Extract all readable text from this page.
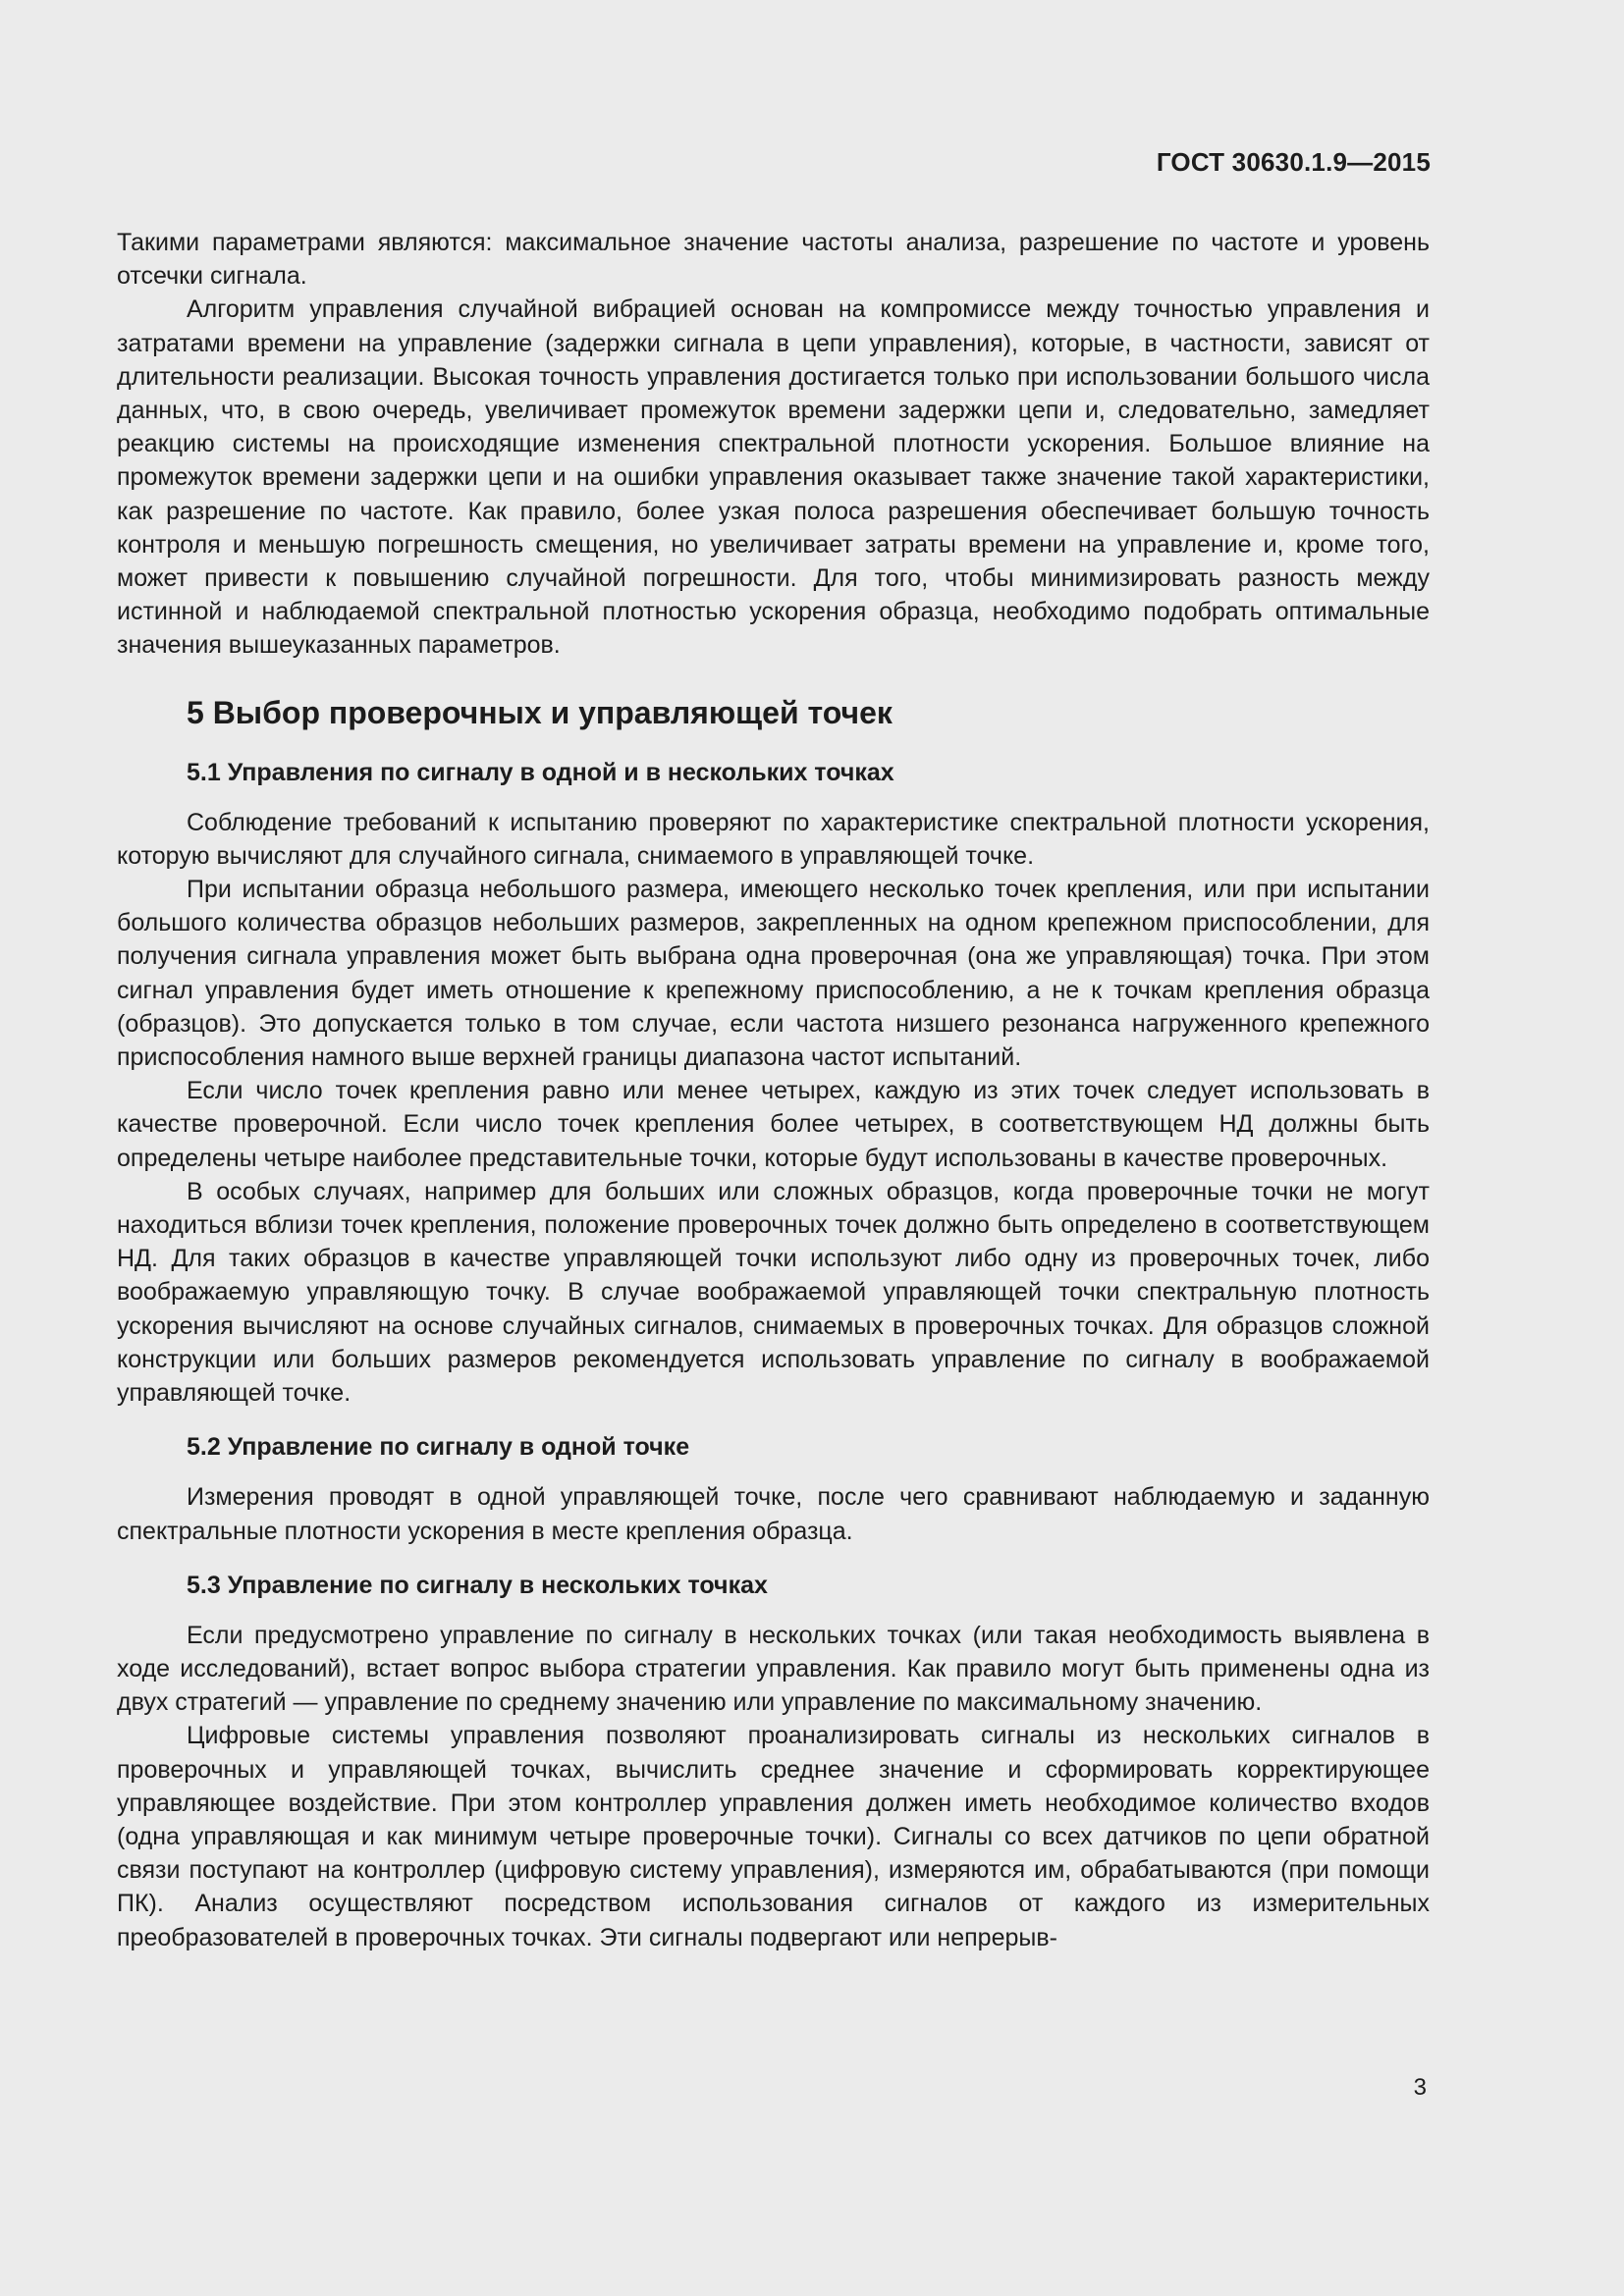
ГОСТ 30630.1.9—2015

Такими параметрами являются: максимальное значение частоты анализа, разрешение по частоте и уровень отсечки сигнала.

Алгоритм управления случайной вибрацией основан на компромиссе между точностью управления и затратами времени на управление (задержки сигнала в цепи управления), которые, в частности, зависят от длительности реализации. Высокая точность управления достигается только при использовании большого числа данных, что, в свою очередь, увеличивает промежуток времени задержки цепи и, следовательно, замедляет реакцию системы на происходящие изменения спектральной плотности ускорения. Большое влияние на промежуток времени задержки цепи и на ошибки управления оказывает также значение такой характеристики, как разрешение по частоте. Как правило, более узкая полоса разрешения обеспечивает большую точность контроля и меньшую погрешность смещения, но увеличивает затраты времени на управление и, кроме того, может привести к повышению случайной погрешности. Для того, чтобы минимизировать разность между истинной и наблюдаемой спектральной плотностью ускорения образца, необходимо подобрать оптимальные значения вышеуказанных параметров.

5 Выбор проверочных и управляющей точек
5.1 Управления по сигналу в одной и в нескольких точках

Соблюдение требований к испытанию проверяют по характеристике спектральной плотности ускорения, которую вычисляют для случайного сигнала, снимаемого в управляющей точке.

При испытании образца небольшого размера, имеющего несколько точек крепления, или при испытании большого количества образцов небольших размеров, закрепленных на одном крепежном приспособлении, для получения сигнала управления может быть выбрана одна проверочная (она же управляющая) точка. При этом сигнал управления будет иметь отношение к крепежному приспособлению, а не к точкам крепления образца (образцов). Это допускается только в том случае, если частота низшего резонанса нагруженного крепежного приспособления намного выше верхней границы диапазона частот испытаний.

Если число точек крепления равно или менее четырех, каждую из этих точек следует использовать в качестве проверочной. Если число точек крепления более четырех, в соответствующем НД должны быть определены четыре наиболее представительные точки, которые будут использованы в качестве проверочных.

В особых случаях, например для больших или сложных образцов, когда проверочные точки не могут находиться вблизи точек крепления, положение проверочных точек должно быть определено в соответствующем НД. Для таких образцов в качестве управляющей точки используют либо одну из проверочных точек, либо воображаемую управляющую точку. В случае воображаемой управляющей точки спектральную плотность ускорения вычисляют на основе случайных сигналов, снимаемых в проверочных точках. Для образцов сложной конструкции или больших размеров рекомендуется использовать управление по сигналу в воображаемой управляющей точке.

5.2 Управление по сигналу в одной точке

Измерения проводят в одной управляющей точке, после чего сравнивают наблюдаемую и заданную спектральные плотности ускорения в месте крепления образца.

5.3 Управление по сигналу в нескольких точках

Если предусмотрено управление по сигналу в нескольких точках (или такая необходимость выявлена в ходе исследований), встает вопрос выбора стратегии управления. Как правило могут быть применены одна из двух стратегий — управление по среднему значению или управление по максимальному значению.

Цифровые системы управления позволяют проанализировать сигналы из нескольких сигналов в проверочных и управляющей точках, вычислить среднее значение и сформировать корректирующее управляющее воздействие. При этом контроллер управления должен иметь необходимое количество входов (одна управляющая и как минимум четыре проверочные точки). Сигналы со всех датчиков по цепи обратной связи поступают на контроллер (цифровую систему управления), измеряются им, обрабатываются (при помощи ПК). Анализ осуществляют посредством использования сигналов от каждого из измерительных преобразователей в проверочных точках. Эти сигналы подвергают или непрерыв-

3
